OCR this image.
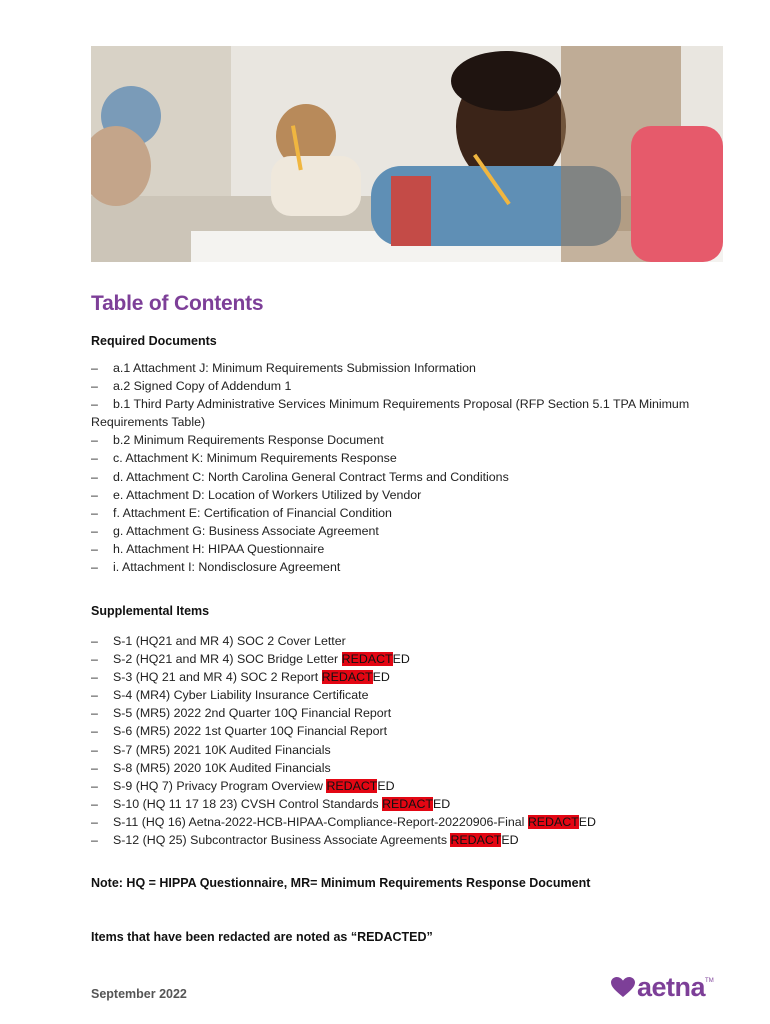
Table of Contents
Required Documents
– a.1 Attachment J: Minimum Requirements Submission Information
– a.2 Signed Copy of Addendum 1
– b.1 Third Party Administrative Services Minimum Requirements Proposal (RFP Section 5.1 TPA Minimum
Requirements Table)
– b.2 Minimum Requirements Response Document
– c. Attachment K: Minimum Requirements Response
– d. Attachment C: North Carolina General Contract Terms and Conditions
– e. Attachment D: Location of Workers Utilized by Vendor
– f. Attachment E: Certification of Financial Condition
– g. Attachment G: Business Associate Agreement
– h. Attachment H: HIPAA Questionnaire
– i. Attachment I: Nondisclosure Agreement
Supplemental Items
– S-1 (HQ21 and MR 4) SOC 2 Cover Letter
– S-2 (HQ21 and MR 4) SOC Bridge Letter REDACTED
– S-3 (HQ 21 and MR 4) SOC 2 Report REDACTED
– S-4 (MR4) Cyber Liability Insurance Certificate
– S-5 (MR5) 2022 2nd Quarter 10Q Financial Report
– S-6 (MR5) 2022 1st Quarter 10Q Financial Report
– S-7 (MR5) 2021 10K Audited Financials
– S-8 (MR5) 2020 10K Audited Financials
– S-9 (HQ 7) Privacy Program Overview REDACTED
– S-10 (HQ 11 17 18 23) CVSH Control Standards REDACTED
– S-11 (HQ 16) Aetna-2022-HCB-HIPAA-Compliance-Report-20220906-Final REDACTED
– S-12 (HQ 25) Subcontractor Business Associate Agreements REDACTED

Note: HQ = HIPPA Questionnaire, MR= Minimum Requirements Response Document

Items that have been redacted are noted as “REDACTED”

September 2022	aetna TM
